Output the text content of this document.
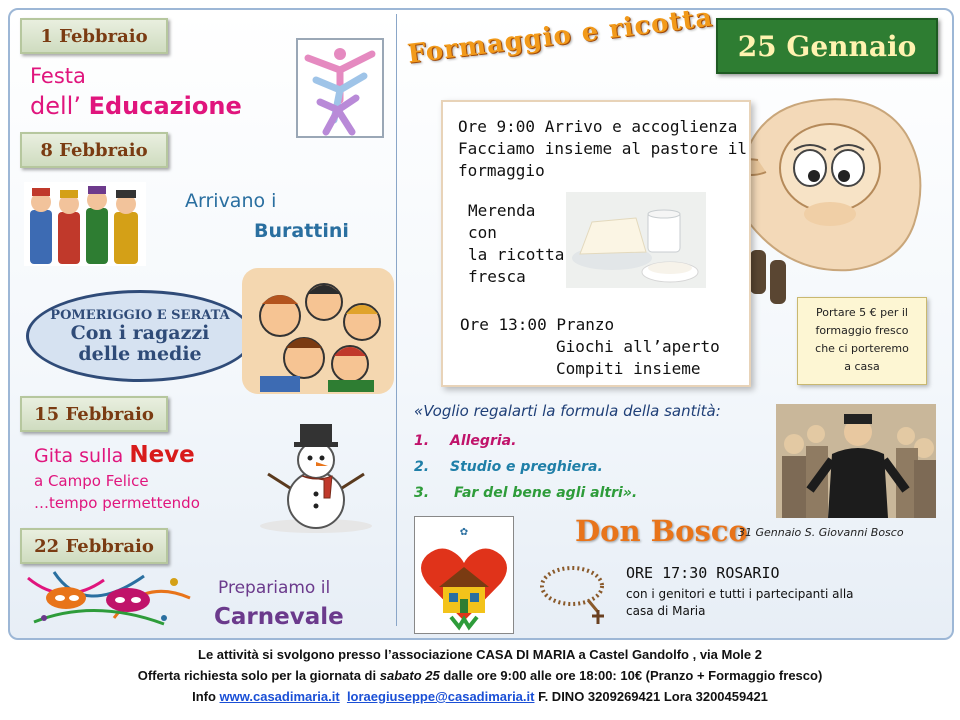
1 Febbraio
Festa
dell’ Educazione
8 Febbraio
Arrivano i
Burattini
POMERIGGIO E SERATA
Con i ragazzi
delle medie
15 Febbraio
Gita sulla Neve
a Campo Felice
…tempo permettendo
22 Febbraio
Prepariamo il
Carnevale
Formaggio e ricotta 25 Gennaio
Ore 9:00 Arrivo e accoglienza
Facciamo insieme al pastore il
formaggio
Merenda
con
la ricotta
fresca
Ore 13:00 Pranzo
Giochi all’aperto
Compiti insieme
Portare 5 € per il
formaggio fresco
che ci porteremo
a casa
«Voglio regalarti la formula della santità:
1. Allegria.
2. Studio e preghiera.
3. Far del bene agli altri».
✿	Don Bosco
31 Gennaio S. Giovanni Bosco
ORE 17:30 ROSARIO
con i genitori e tutti i partecipanti alla
casa di Maria
Le attività si svolgono presso l’associazione CASA DI MARIA a Castel Gandolfo , via Mole 2
Offerta richiesta solo per la giornata di sabato 25 dalle ore 9:00 alle ore 18:00: 10€ (Pranzo + Formaggio fresco)
Info www.casadimaria.it loraegiuseppe@casadimaria.it F. DINO 3209269421 Lora 3200459421
